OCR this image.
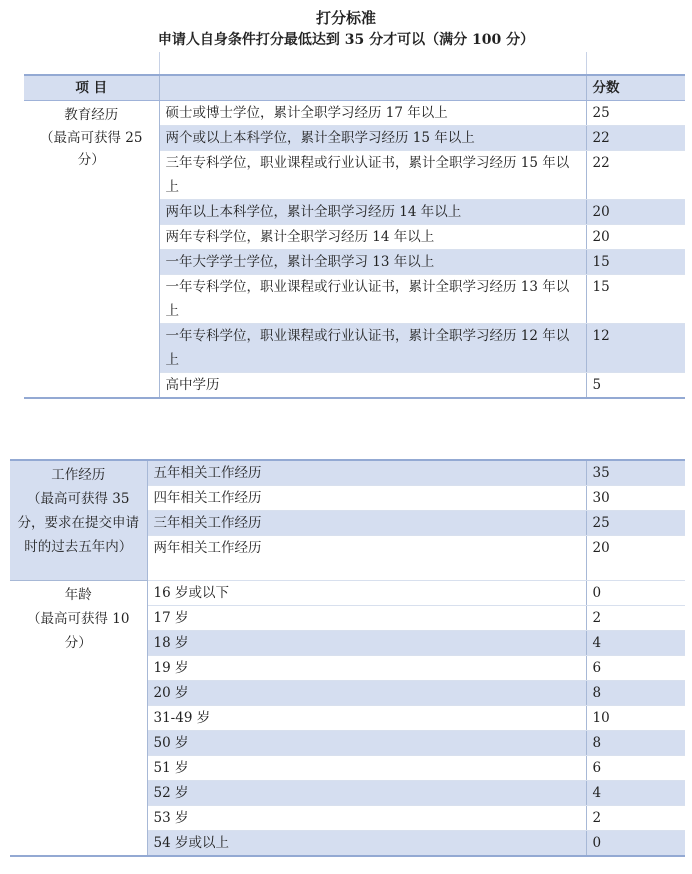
打分标准
申请人自身条件打分最低达到 35 分才可以（满分 100 分）
项 目		分数

教育经历
（最高可获得 25 分）	硕士或博士学位，累计全职学习经历 17 年以上	25
	两个或以上本科学位，累计全职学习经历 15 年以上	22
	三年专科学位，职业课程或行业认证书，累计全职学习经历 15 年以上	22
	两年以上本科学位，累计全职学习经历 14 年以上	20
	两年专科学位，累计全职学习经历 14 年以上	20
	一年大学学士学位，累计全职学习 13 年以上	15
	一年专科学位，职业课程或行业认证书，累计全职学习经历 13 年以上	15
	一年专科学位，职业课程或行业认证书，累计全职学习经历 12 年以上	12
	高中学历	5
工作经历
（最高可获得 35 分，要求在提交申请时的过去五年内）	五年相关工作经历	35
	四年相关工作经历	30
	三年相关工作经历	25
	两年相关工作经历	20

年龄
（最高可获得 10 分）	16 岁或以下	0
	17 岁	2
	18 岁	4
	19 岁	6
	20 岁	8
	31-49 岁	10
	50 岁	8
	51 岁	6
	52 岁	4
	53 岁	2
	54 岁或以上	0
